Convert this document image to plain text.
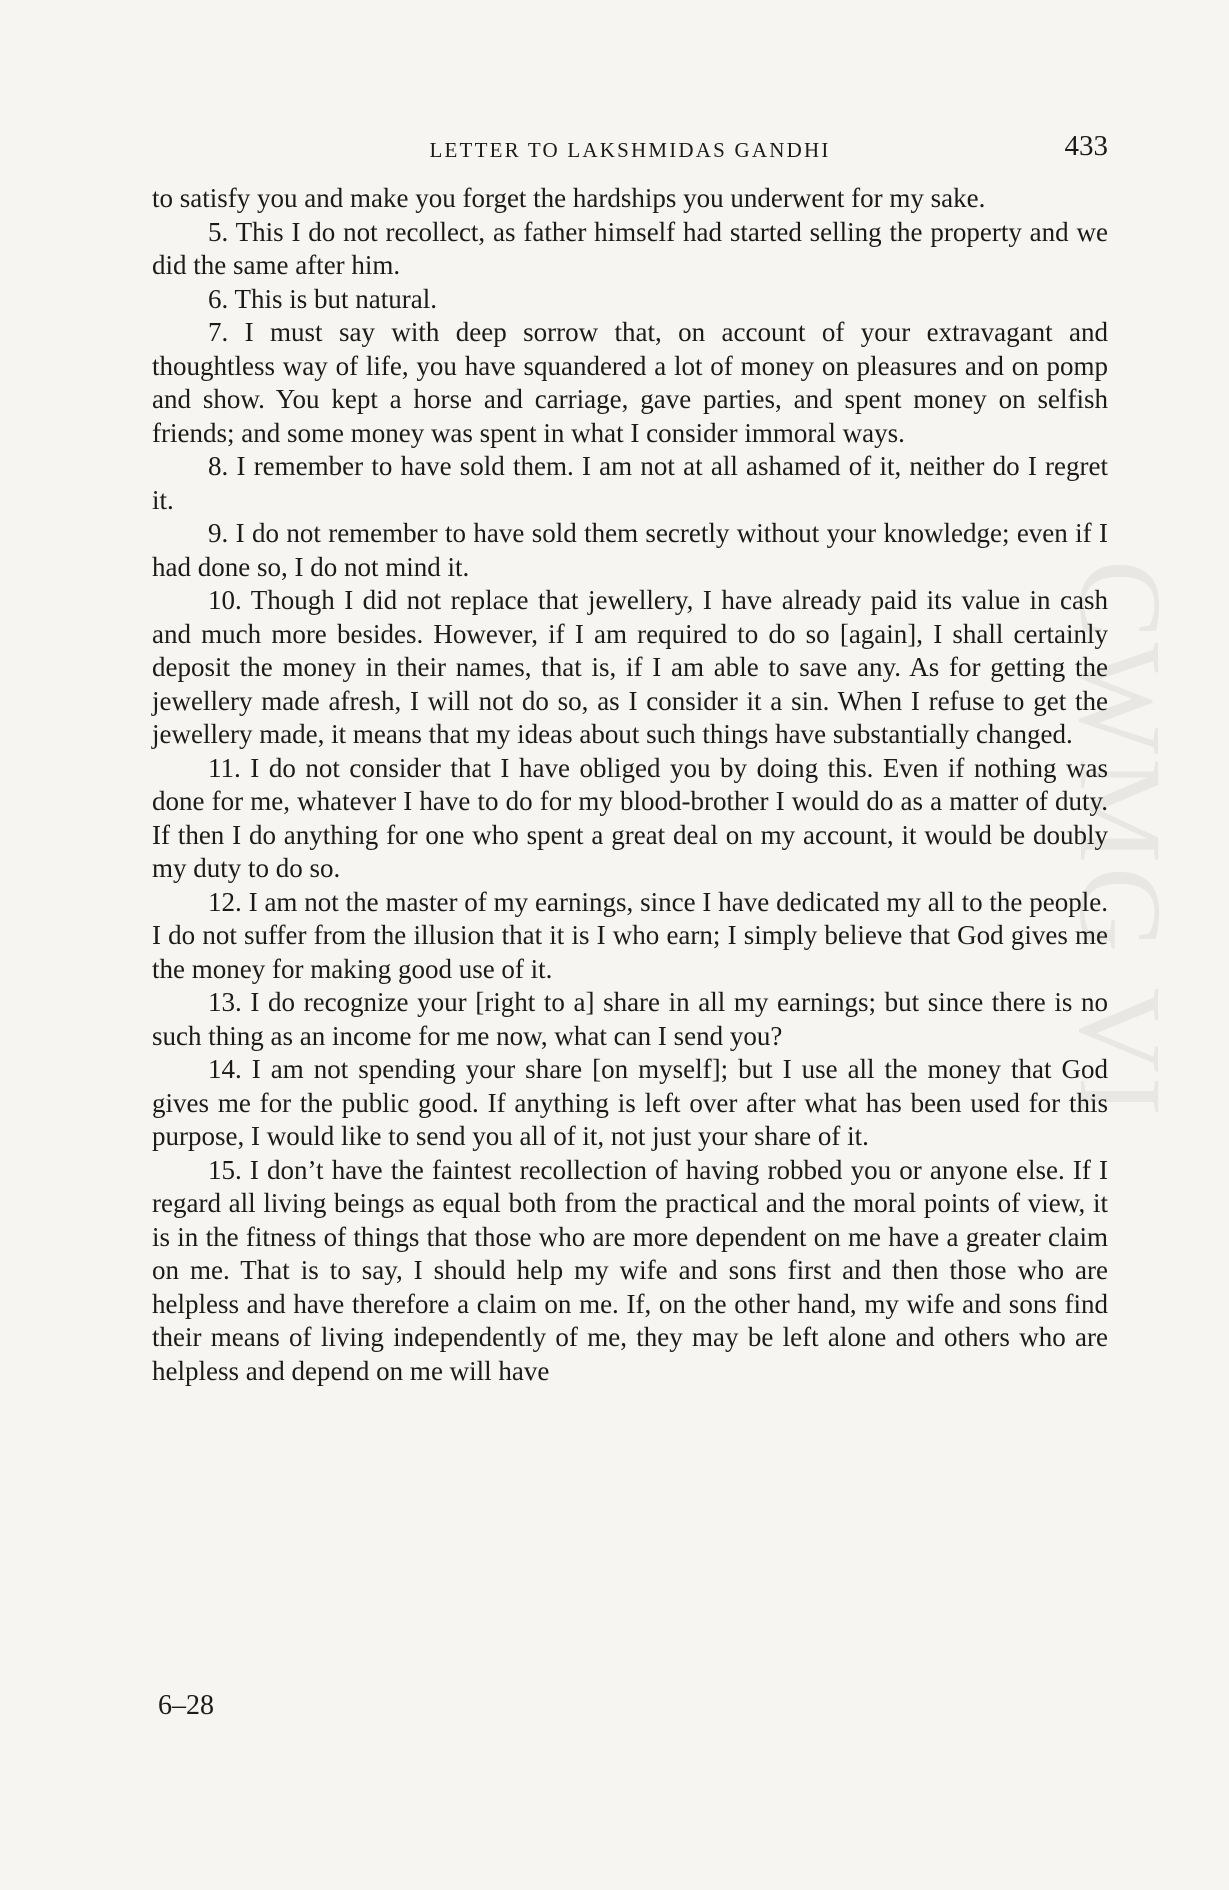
LETTER TO LAKSHMIDAS GANDHI	433
CWMG VI

to satisfy you and make you forget the hardships you underwent for my sake.

5. This I do not recollect, as father himself had started selling the property and we did the same after him.

6. This is but natural.

7. I must say with deep sorrow that, on account of your extravagant and thoughtless way of life, you have squandered a lot of money on pleasures and on pomp and show. You kept a horse and carriage, gave parties, and spent money on selfish friends; and some money was spent in what I consider immoral ways.

8. I remember to have sold them. I am not at all ashamed of it, neither do I regret it.

9. I do not remember to have sold them secretly without your knowledge; even if I had done so, I do not mind it.

10. Though I did not replace that jewellery, I have already paid its value in cash and much more besides. However, if I am required to do so [again], I shall certainly deposit the money in their names, that is, if I am able to save any. As for getting the jewellery made afresh, I will not do so, as I consider it a sin. When I refuse to get the jewellery made, it means that my ideas about such things have substantially changed.

11. I do not consider that I have obliged you by doing this. Even if nothing was done for me, whatever I have to do for my blood-brother I would do as a matter of duty. If then I do anything for one who spent a great deal on my account, it would be doubly my duty to do so.

12. I am not the master of my earnings, since I have dedicated my all to the people. I do not suffer from the illusion that it is I who earn; I simply believe that God gives me the money for making good use of it.

13. I do recognize your [right to a] share in all my earnings; but since there is no such thing as an income for me now, what can I send you?

14. I am not spending your share [on myself]; but I use all the money that God gives me for the public good. If anything is left over after what has been used for this purpose, I would like to send you all of it, not just your share of it.

15. I don’t have the faintest recollection of having robbed you or anyone else. If I regard all living beings as equal both from the practical and the moral points of view, it is in the fitness of things that those who are more dependent on me have a greater claim on me. That is to say, I should help my wife and sons first and then those who are helpless and have therefore a claim on me. If, on the other hand, my wife and sons find their means of living independently of me, they may be left alone and others who are helpless and depend on me will have

6–28
